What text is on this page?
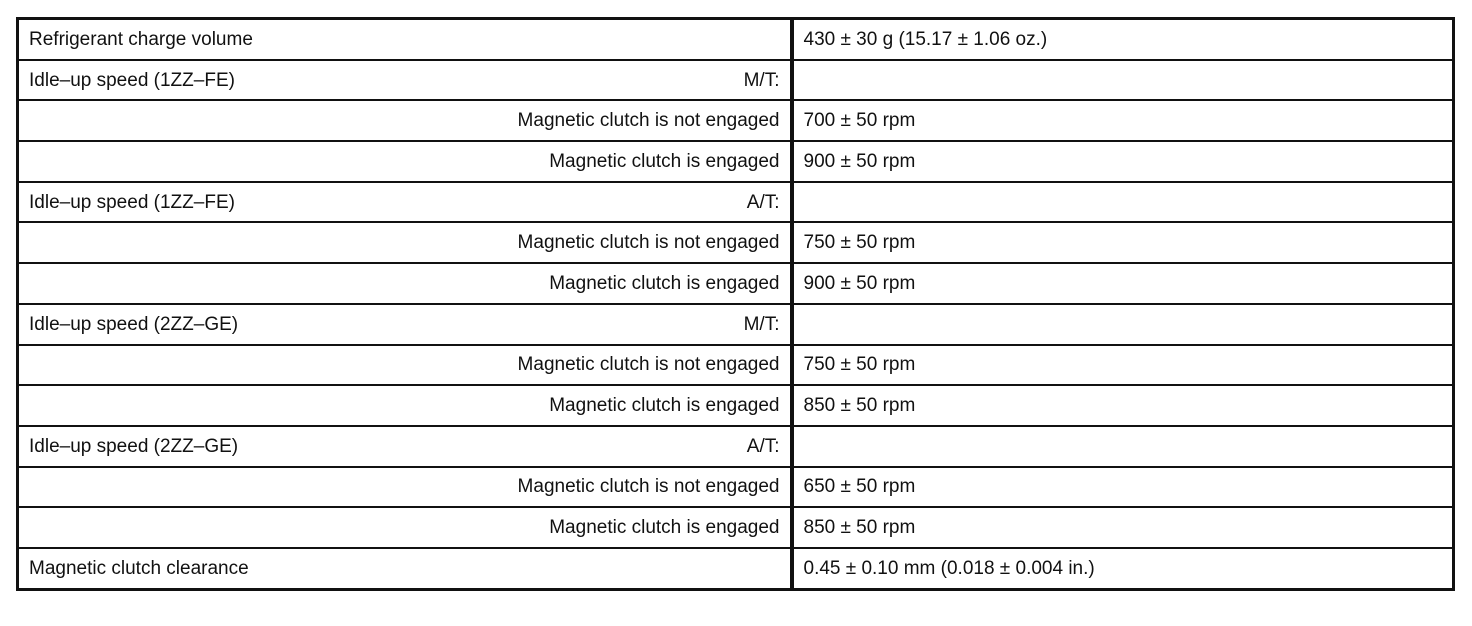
Refrigerant charge volume	430 ± 30 g (15.17 ± 1.06 oz.)

Idle–up speed (1ZZ–FE) M/T:	

Magnetic clutch is not engaged	700 ± 50 rpm
Magnetic clutch is engaged	900 ± 50 rpm

Idle–up speed (1ZZ–FE) A/T:	

Magnetic clutch is not engaged	750 ± 50 rpm
Magnetic clutch is engaged	900 ± 50 rpm

Idle–up speed (2ZZ–GE) M/T:	

Magnetic clutch is not engaged	750 ± 50 rpm
Magnetic clutch is engaged	850 ± 50 rpm

Idle–up speed (2ZZ–GE) A/T:	

Magnetic clutch is not engaged	650 ± 50 rpm
Magnetic clutch is engaged	850 ± 50 rpm

Magnetic clutch clearance	0.45 ± 0.10 mm (0.018 ± 0.004 in.)
